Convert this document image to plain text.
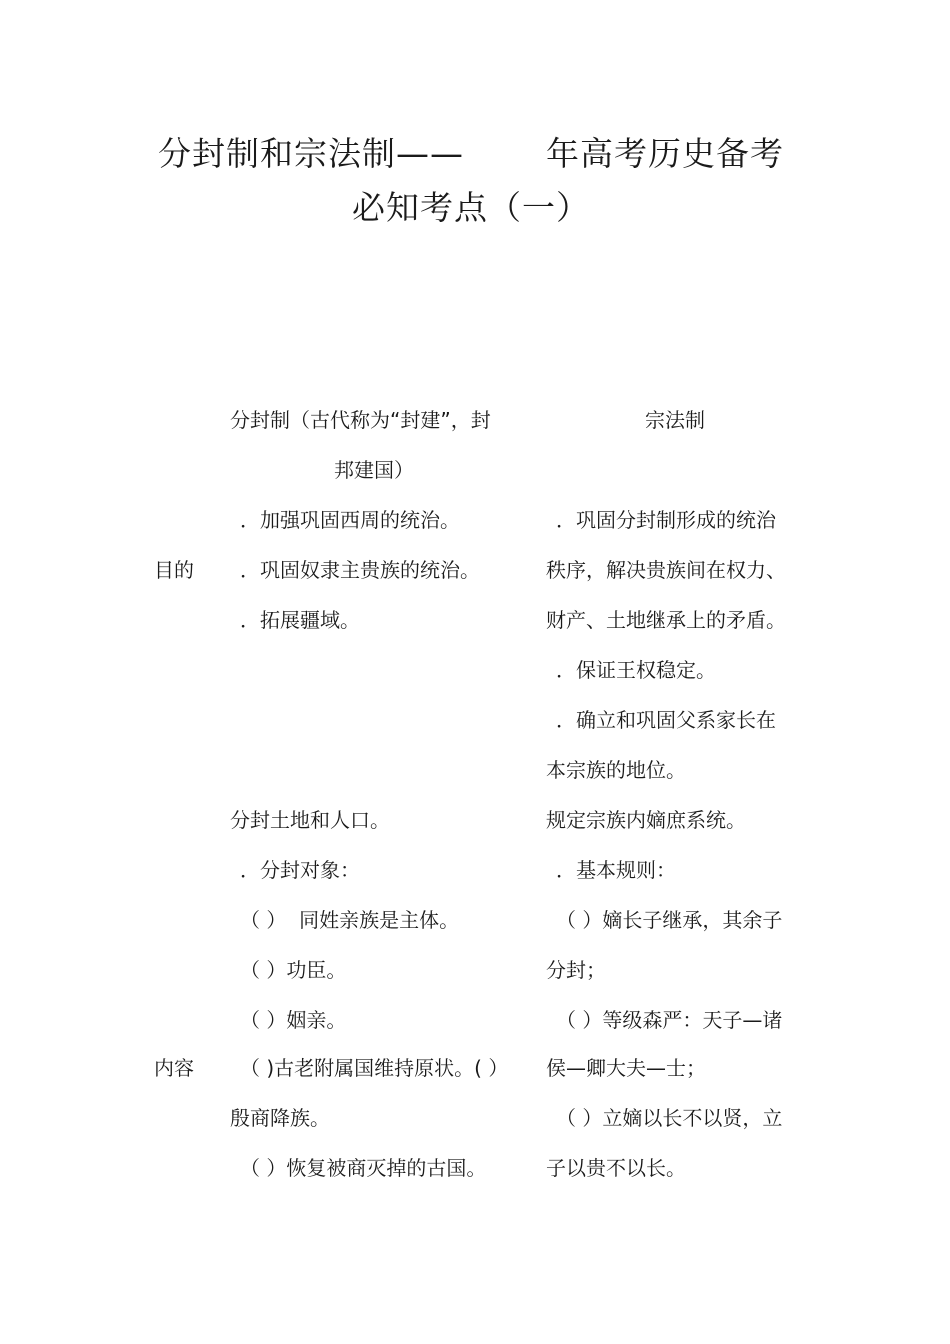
分封制和宗法制—— 年高考历史备考
必知考点（一）
分封制（古代称为“封建”，封
邦建国）
宗法制
目的
．加强巩固西周的统治。
．巩固奴隶主贵族的统治。
．拓展疆域。
．巩固分封制形成的统治
秩序，解决贵族间在权力、
财产、土地继承上的矛盾。
．保证王权稳定。
．确立和巩固父系家长在
本宗族的地位。
内容
分封土地和人口。
．分封对象：
（ ）  同姓亲族是主体。
（ ）功臣。
（ ）姻亲。
（ )古老附属国维持原状。( ）
殷商降族。
（ ）恢复被商灭掉的古国。
规定宗族内嫡庶系统。
．基本规则：
（ ）嫡长子继承，其余子
分封；
（ ）等级森严：天子—诸
侯—卿大夫—士；
（ ）立嫡以长不以贤，立
子以贵不以长。
